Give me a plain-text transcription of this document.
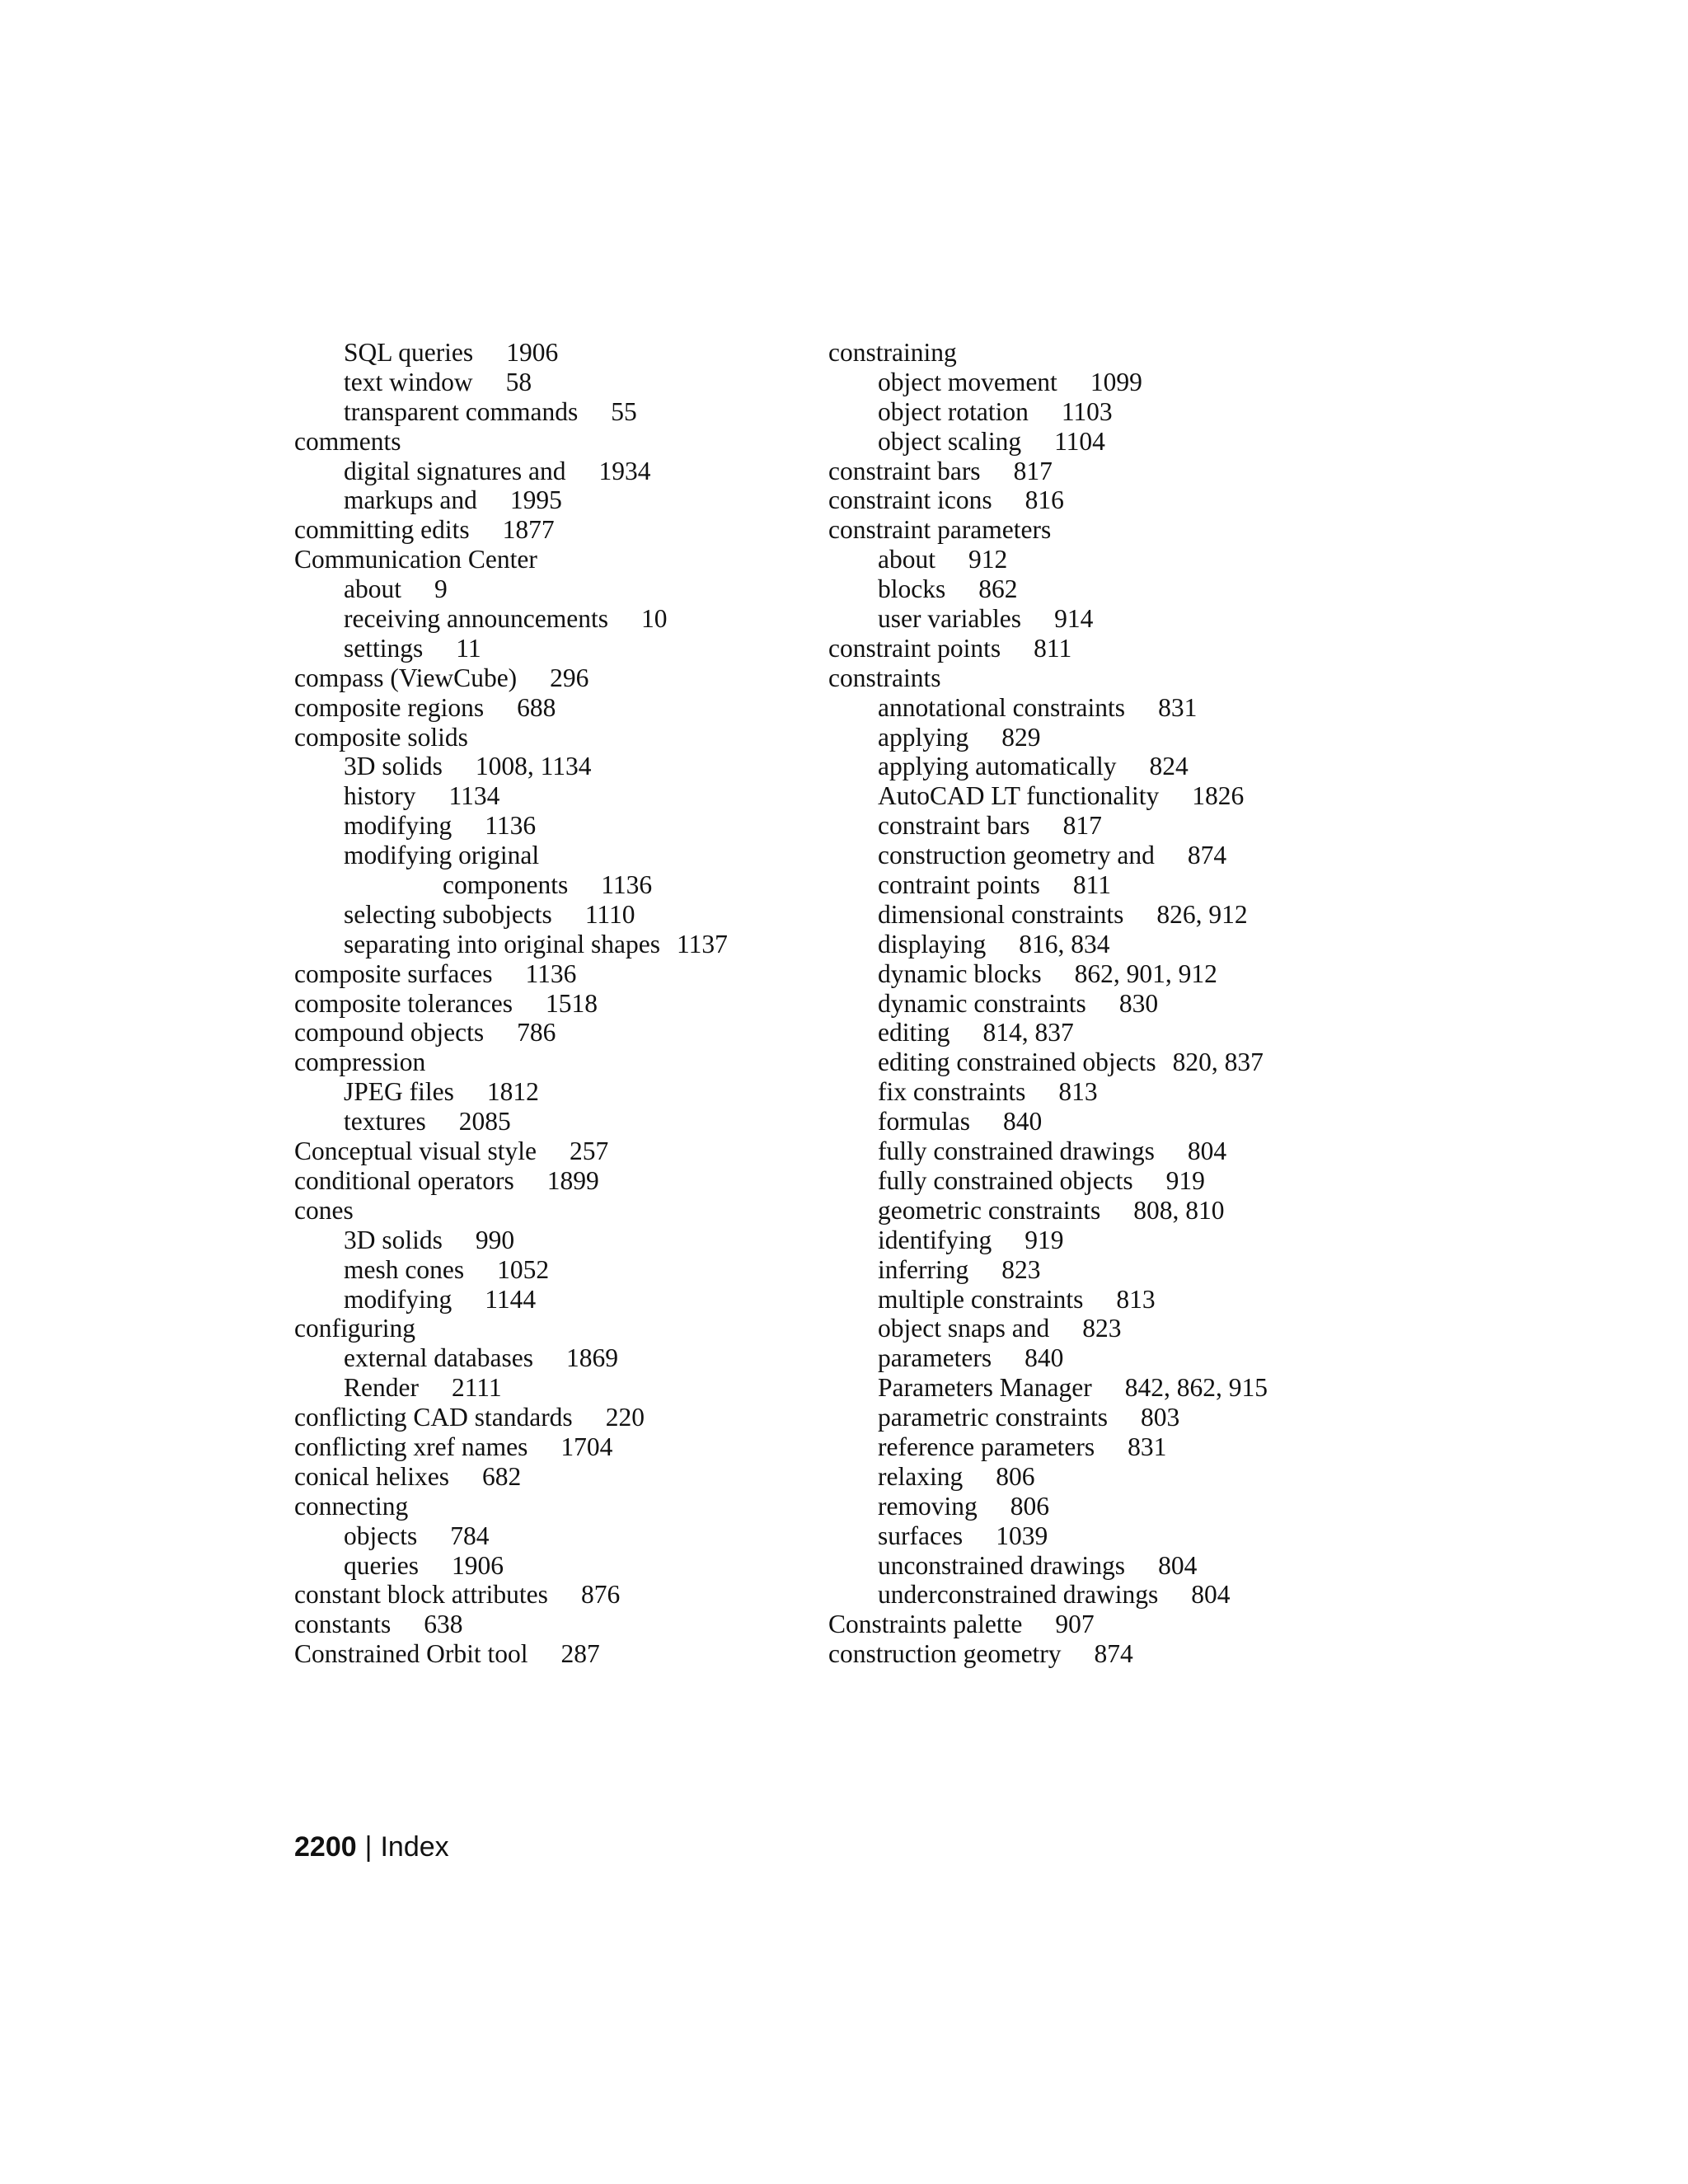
SQL queries 1906
text window 58
transparent commands 55
comments
digital signatures and 1934
markups and 1995
committing edits 1877
Communication Center
about 9
receiving announcements 10
settings 11
compass (ViewCube) 296
composite regions 688
composite solids
3D solids 1008, 1134
history 1134
modifying 1136
modifying original
components 1136
selecting subobjects 1110
separating into original shapes 1137
composite surfaces 1136
composite tolerances 1518
compound objects 786
compression
JPEG files 1812
textures 2085
Conceptual visual style 257
conditional operators 1899
cones
3D solids 990
mesh cones 1052
modifying 1144
configuring
external databases 1869
Render 2111
conflicting CAD standards 220
conflicting xref names 1704
conical helixes 682
connecting
objects 784
queries 1906
constant block attributes 876
constants 638
Constrained Orbit tool 287
constraining
object movement 1099
object rotation 1103
object scaling 1104
constraint bars 817
constraint icons 816
constraint parameters
about 912
blocks 862
user variables 914
constraint points 811
constraints
annotational constraints 831
applying 829
applying automatically 824
AutoCAD LT functionality 1826
constraint bars 817
construction geometry and 874
contraint points 811
dimensional constraints 826, 912
displaying 816, 834
dynamic blocks 862, 901, 912
dynamic constraints 830
editing 814, 837
editing constrained objects 820, 837
fix constraints 813
formulas 840
fully constrained drawings 804
fully constrained objects 919
geometric constraints 808, 810
identifying 919
inferring 823
multiple constraints 813
object snaps and 823
parameters 840
Parameters Manager 842, 862, 915
parametric constraints 803
reference parameters 831
relaxing 806
removing 806
surfaces 1039
unconstrained drawings 804
underconstrained drawings 804
Constraints palette 907
construction geometry 874
2200 | Index
